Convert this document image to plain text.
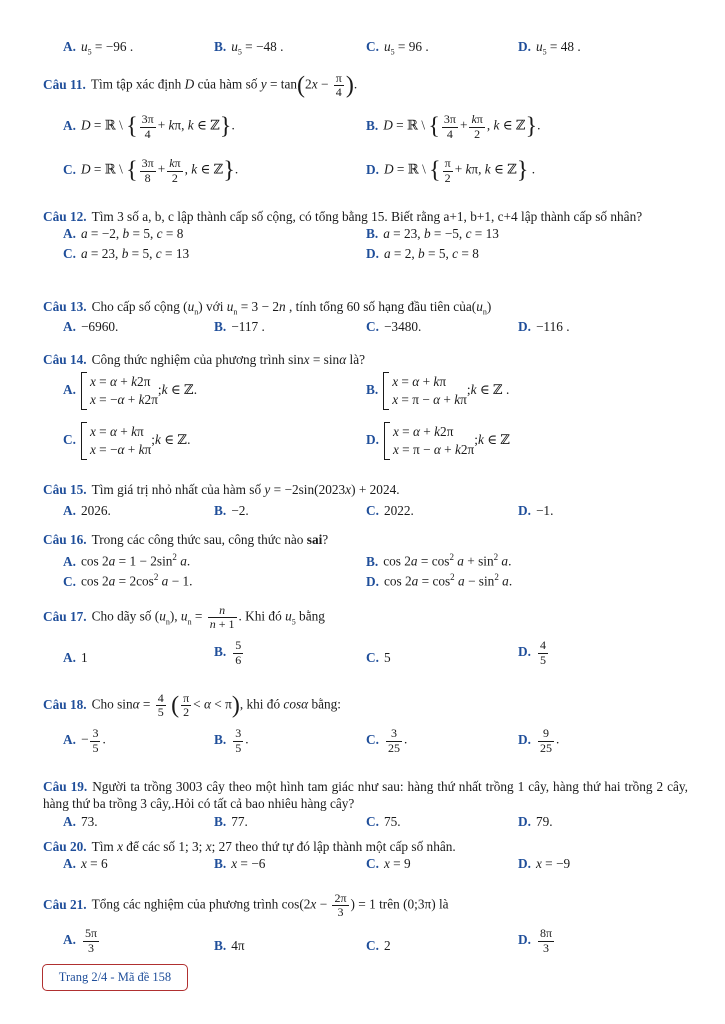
A. $u_5 = -96$ .	B. $u_5 = -48$ .	C. $u_5 = 96$ .	D. $u_5 = 48$ .
Câu 11. Tìm tập xác định D của hàm số $y = \tan(2x - \frac{\pi}{4}$ ).
A. D = ℝ \ { $\frac{3\pi}{4} + k\pi$, k ∈ ℤ}.	B. D = ℝ \ { $\frac{3\pi}{4} + \frac{k\pi}{2}$ , k ∈ ℤ}.
C. D = ℝ \ { $\frac{3\pi}{8} + \frac{k\pi}{2}$ , k ∈ ℤ}.	D. D = ℝ \ { $\frac{\pi}{2} + k\pi$, k ∈ ℤ} .
Câu 12. Tìm 3 số a, b, c lập thành cấp số cộng, có tổng bằng 15. Biết rằng a+1, b+1, c+4 lập thành cấp số nhân?
A. a = −2, b = 5, c = 8	B. a = 23, b = −5, c = 13
C. a = 23, b = 5, c = 13	D. a = 2, b = 5, c = 8
Câu 13. Cho cấp số cộng $(u_n)$ với $u_n = 3 - 2n$ , tính tổng 60 số hạng đầu tiên $của(u_n)$
A. −6960.	B. −117 .	C. −3480.	D. −116 .
Câu 14. Công thức nghiệm của phương trình sinx = sinα là?
A.
x = α + k2π
x = −α + k2π
;k ∈ ℤ.	B.
x = α + kπ
x = π − α + kπ
;k ∈ ℤ .
C.
x = α + kπ
x = −α + kπ
;k ∈ ℤ.	D.
x = α + k2π
x = π − α + k2π
;k ∈ ℤ
Câu 15. Tìm giá trị nhỏ nhất của hàm số y = −2sin(2023x) + 2024.
A. 2026.	B. −2.	C. 2022.	D. −1.
Câu 16. Trong các công thức sau, công thức nào sai?
A. $\cos 2a = 1 - 2\sin^2$ a.	B. $\cos 2a = \cos^2 a + \sin^2 a$.
C. $\cos 2a = 2\cos^2$ a − 1.	D. $\cos 2a = \cos^2 a - \sin^2 a$.
Câu 17. Cho dãy số $(u_n)$, $u_n = \frac{n}{n + 1}$ . Khi đó $u_5$ bằng
A. 1	B. $\frac{5}{6}$	C. 5	D. $\frac{4}{5}$
Câu 18. Cho $\sin\alpha = \frac{4}{5}$ ( $\frac{\pi}{2} < \alpha < \pi$), khi đó cosα bằng:
A. − $\frac{3}{5}$ .	B. $\frac{3}{5}$ .	C. $\frac{3}{25}$ .	D. $\frac{9}{25}$ .
Câu 19. Người ta trồng 3003 cây theo một hình tam giác như sau: hàng thứ nhất trồng 1 cây, hàng thứ hai trồng 2 cây, hàng thứ ba trồng 3 cây,.Hỏi có tất cả bao nhiêu hàng cây?
A. 73.	B. 77.	C. 75.	D. 79.
Câu 20. Tìm x để các số 1; 3; x; 27 theo thứ tự đó lập thành một cấp số nhân.
A. x = 6	B. x = −6	C. x = 9	D. x = −9
Câu 21. Tổng các nghiệm của phương trình $\cos(2x - \frac{2\pi}{3}$ ) = 1 trên (0;3π) là
A. $\frac{5\pi}{3}$	B. 4π	C. 2	D. $\frac{8\pi}{3}$
Trang 2/4 - Mã đề 158
